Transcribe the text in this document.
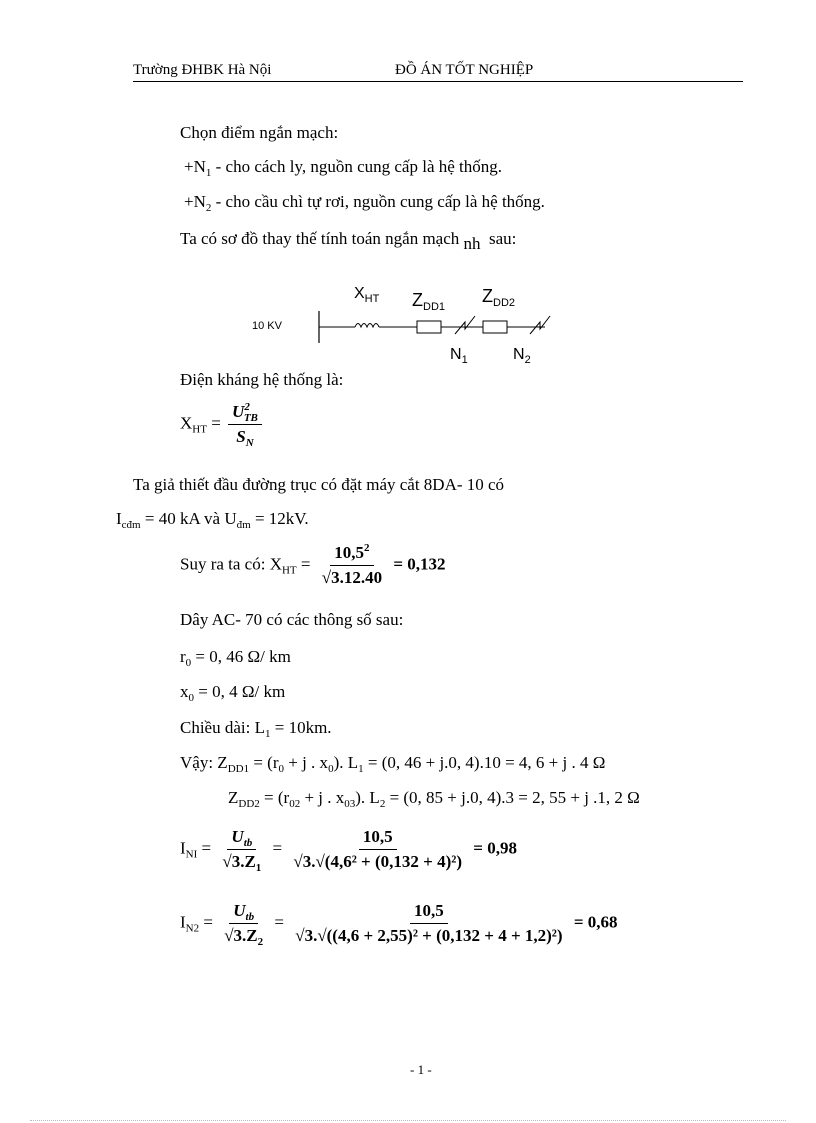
Trường ĐHBK Hà Nội	ĐỒ ÁN TỐT NGHIỆP
Chọn điểm ngắn mạch:
$+N_1$ - cho cách ly, nguồn cung cấp là hệ thống.
$+N_2$ - cho cầu chì tự rơi, nguồn cung cấp là hệ thống.
Ta có sơ đồ thay thế tính toán ngắn mạch nh sau:
10 KV
$X_{HT}$ $Z_{DD1}$
$Z_{DD2}$
$N_1$	$N_2$
Điện kháng hệ thống là:
$X_{HT} = \frac{U^2_{TB}}{S_N}$
Ta giả thiết đầu đường trục có đặt máy cắt 8DA- 10 có
$I_{cđm} = 40$ kA và $U_{đm} = 12kV$.
Suy ra ta có: $X_{HT} = \frac{10,5^2}{√3.12.40} = 0,132$
Dây AC- 70 có các thông số sau:
$r_0 = 0$, 46 Ω/ km
$x_0 = 0$, 4 Ω/ km
Chiều dài: $L_1 = 10km$.
Vậy: $Z_{DD1} = (r_0 + j$ . $x_0$). $L_1 = (0$, 46 + j.0, 4).10 = 4, 6 + j . 4 Ω
$Z_{DD2} = (r_{02} + j$ . $x_{03}$). $L_2 = (0$, 85 + j.0, 4).3 = 2, 55 + j .1, 2 Ω
$I_{NI} = \frac{U_{tb}}{√3.Z_1} = \frac{10,5}{\text{√3.√(4,6² + (0,132 + 4)²)}} = 0,98$
$I_{N2} = \frac{U_{tb}}{√3.Z_2} = \frac{10,5}{\text{√3.√((4,6 + 2,55)² + (0,132 + 4 + 1,2)²)}} = 0,68$
- 1 -
